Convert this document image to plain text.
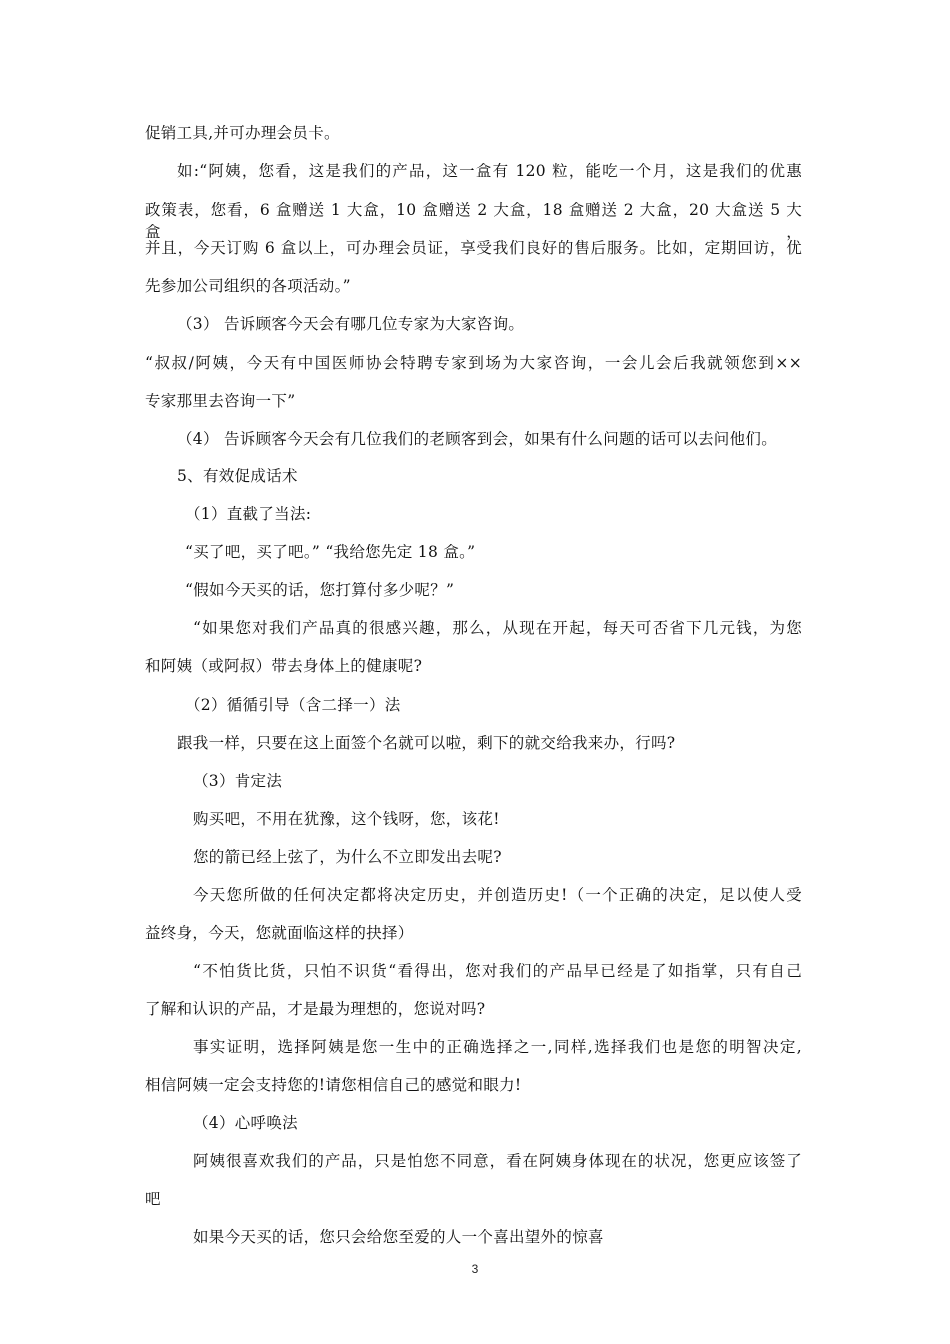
促销工具,并可办理会员卡。
如:“阿姨，您看，这是我们的产品，这一盒有 120 粒，能吃一个月，这是我们的优惠
政策表，您看，6 盒赠送 1 大盒，10 盒赠送 2 大盒，18 盒赠送 2 大盒，20 大盒送 5 大盒，
并且，今天订购 6 盒以上，可办理会员证，享受我们良好的售后服务。比如，定期回访，优
先参加公司组织的各项活动。”
（3） 告诉顾客今天会有哪几位专家为大家咨询。
“叔叔/阿姨，今天有中国医师协会特聘专家到场为大家咨询，一会儿会后我就领您到××
专家那里去咨询一下”
（4） 告诉顾客今天会有几位我们的老顾客到会，如果有什么问题的话可以去问他们。
5、有效促成话术
（1）直截了当法:
“买了吧，买了吧。” “我给您先定 18 盒。”
“假如今天买的话，您打算付多少呢？”
“如果您对我们产品真的很感兴趣，那么，从现在开起，每天可否省下几元钱，为您
和阿姨（或阿叔）带去身体上的健康呢?
（2）循循引导（含二择一）法
跟我一样，只要在这上面签个名就可以啦，剩下的就交给我来办，行吗?
（3）肯定法
购买吧，不用在犹豫，这个钱呀，您，该花!
您的箭已经上弦了，为什么不立即发出去呢?
今天您所做的任何决定都将决定历史，并创造历史!（一个正确的决定，足以使人受
益终身，今天，您就面临这样的抉择）
“不怕货比货，只怕不识货“看得出，您对我们的产品早已经是了如指掌，只有自己
了解和认识的产品，才是最为理想的，您说对吗?
事实证明，选择阿姨是您一生中的正确选择之一,同样,选择我们也是您的明智决定,
相信阿姨一定会支持您的!请您相信自己的感觉和眼力!
（4）心呼唤法
阿姨很喜欢我们的产品，只是怕您不同意，看在阿姨身体现在的状况，您更应该签了
吧
如果今天买的话，您只会给您至爱的人一个喜出望外的惊喜
3
